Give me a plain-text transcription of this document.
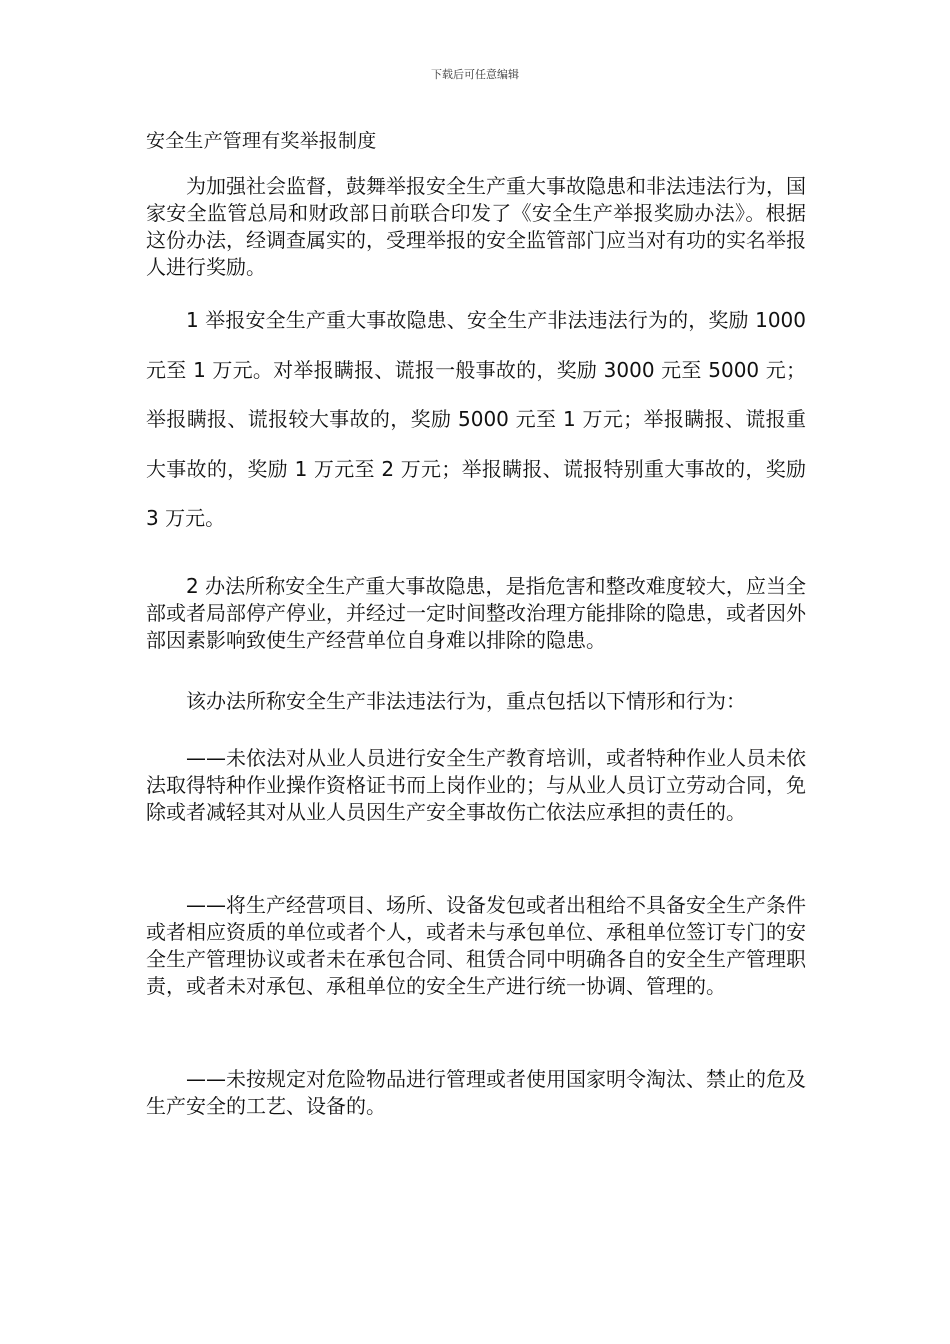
下载后可任意编辑
安全生产管理有奖举报制度

为加强社会监督，鼓舞举报安全生产重大事故隐患和非法违法行为，国家安全监管总局和财政部日前联合印发了《安全生产举报奖励办法》。根据这份办法，经调查属实的，受理举报的安全监管部门应当对有功的实名举报人进行奖励。

1 举报安全生产重大事故隐患、安全生产非法违法行为的，奖励 1000 元至 1 万元。对举报瞒报、谎报一般事故的，奖励 3000 元至 5000 元；举报瞒报、谎报较大事故的，奖励 5000 元至 1 万元；举报瞒报、谎报重大事故的，奖励 1 万元至 2 万元；举报瞒报、谎报特别重大事故的，奖励 3 万元。

2 办法所称安全生产重大事故隐患，是指危害和整改难度较大，应当全部或者局部停产停业，并经过一定时间整改治理方能排除的隐患，或者因外部因素影响致使生产经营单位自身难以排除的隐患。

该办法所称安全生产非法违法行为，重点包括以下情形和行为：

——未依法对从业人员进行安全生产教育培训，或者特种作业人员未依法取得特种作业操作资格证书而上岗作业的；与从业人员订立劳动合同，免除或者减轻其对从业人员因生产安全事故伤亡依法应承担的责任的。

——将生产经营项目、场所、设备发包或者出租给不具备安全生产条件或者相应资质的单位或者个人，或者未与承包单位、承租单位签订专门的安全生产管理协议或者未在承包合同、租赁合同中明确各自的安全生产管理职责，或者未对承包、承租单位的安全生产进行统一协调、管理的。

——未按规定对危险物品进行管理或者使用国家明令淘汰、禁止的危及生产安全的工艺、设备的。
